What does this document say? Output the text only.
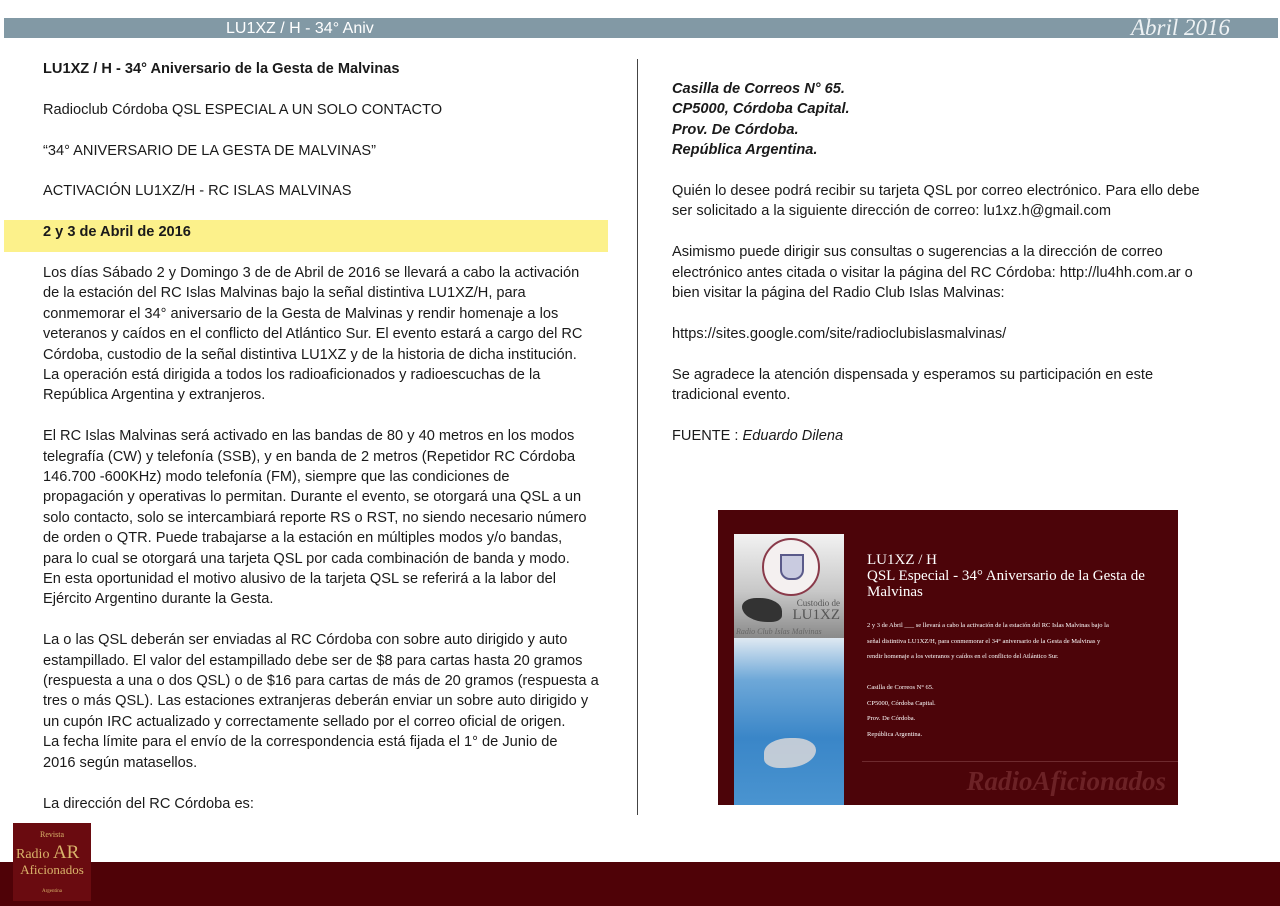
LU1XZ / H - 34° Aniv	Abril 2016

LU1XZ / H - 34° Aniversario de la Gesta de Malvinas

Radioclub Córdoba QSL ESPECIAL A UN SOLO CONTACTO

“34° ANIVERSARIO DE LA GESTA DE MALVINAS”

ACTIVACIÓN LU1XZ/H - RC ISLAS MALVINAS

2 y 3 de Abril de 2016

Los días Sábado 2 y Domingo 3 de de Abril de 2016 se llevará a cabo la activación

de la estación del RC Islas Malvinas bajo la señal distintiva LU1XZ/H, para

conmemorar el 34° aniversario de la Gesta de Malvinas y rendir homenaje a los

veteranos y caídos en el conflicto del Atlántico Sur. El evento estará a cargo del RC

Córdoba, custodio de la señal distintiva LU1XZ y de la historia de dicha institución.

La operación está dirigida a todos los radioaficionados y radioescuchas de la

República Argentina y extranjeros.

El RC Islas Malvinas será activado en las bandas de 80 y 40 metros en los modos

telegrafía (CW) y telefonía (SSB), y en banda de 2 metros (Repetidor RC Córdoba

146.700 -600KHz) modo telefonía (FM), siempre que las condiciones de

propagación y operativas lo permitan. Durante el evento, se otorgará una QSL a un

solo contacto, solo se intercambiará reporte RS o RST, no siendo necesario número

de orden o QTR. Puede trabajarse a la estación en múltiples modos y/o bandas,

para lo cual se otorgará una tarjeta QSL por cada combinación de banda y modo.

En esta oportunidad el motivo alusivo de la tarjeta QSL se referirá a la labor del

Ejército Argentino durante la Gesta.

La o las QSL deberán ser enviadas al RC Córdoba con sobre auto dirigido y auto

estampillado. El valor del estampillado debe ser de $8 para cartas hasta 20 gramos

(respuesta a una o dos QSL) o de $16 para cartas de más de 20 gramos (respuesta a

tres o más QSL). Las estaciones extranjeras deberán enviar un sobre auto dirigido y

un cupón IRC actualizado y correctamente sellado por el correo oficial de origen.

La fecha límite para el envío de la correspondencia está fijada el 1° de Junio de

2016 según matasellos.

La dirección del RC Córdoba es:

Casilla de Correos N° 65.

CP5000, Córdoba Capital.

Prov. De Córdoba.

República Argentina.

Quién lo desee podrá recibir su tarjeta QSL por correo electrónico. Para ello debe

ser solicitado a la siguiente dirección de correo: lu1xz.h@gmail.com

Asimismo puede dirigir sus consultas o sugerencias a la dirección de correo

electrónico antes citada o visitar la página del RC Córdoba: http://lu4hh.com.ar o

bien visitar la página del Radio Club Islas Malvinas:

https://sites.google.com/site/radioclubislasmalvinas/

Se agradece la atención dispensada y esperamos su participación en este

tradicional evento.

FUENTE : Eduardo Dilena

Custodio de
LU1XZ
Radio Club Islas Malvinas
LU1XZ / H
QSL Especial - 34° Aniversario de la Gesta de Malvinas
2 y 3 de Abril ___ se llevará a cabo la activación de la estación del RC Islas Malvinas bajo la
señal distintiva LU1XZ/H, para conmemorar el 34° aniversario de la Gesta de Malvinas y
rendir homenaje a los veteranos y caídos en el conflicto del Atlántico Sur.
Casilla de Correos N° 65.
CP5000, Córdoba Capital.
Prov. De Córdoba.
República Argentina.
RadioAficionados
Revista
Radio AR
Aficionados
Argentina
